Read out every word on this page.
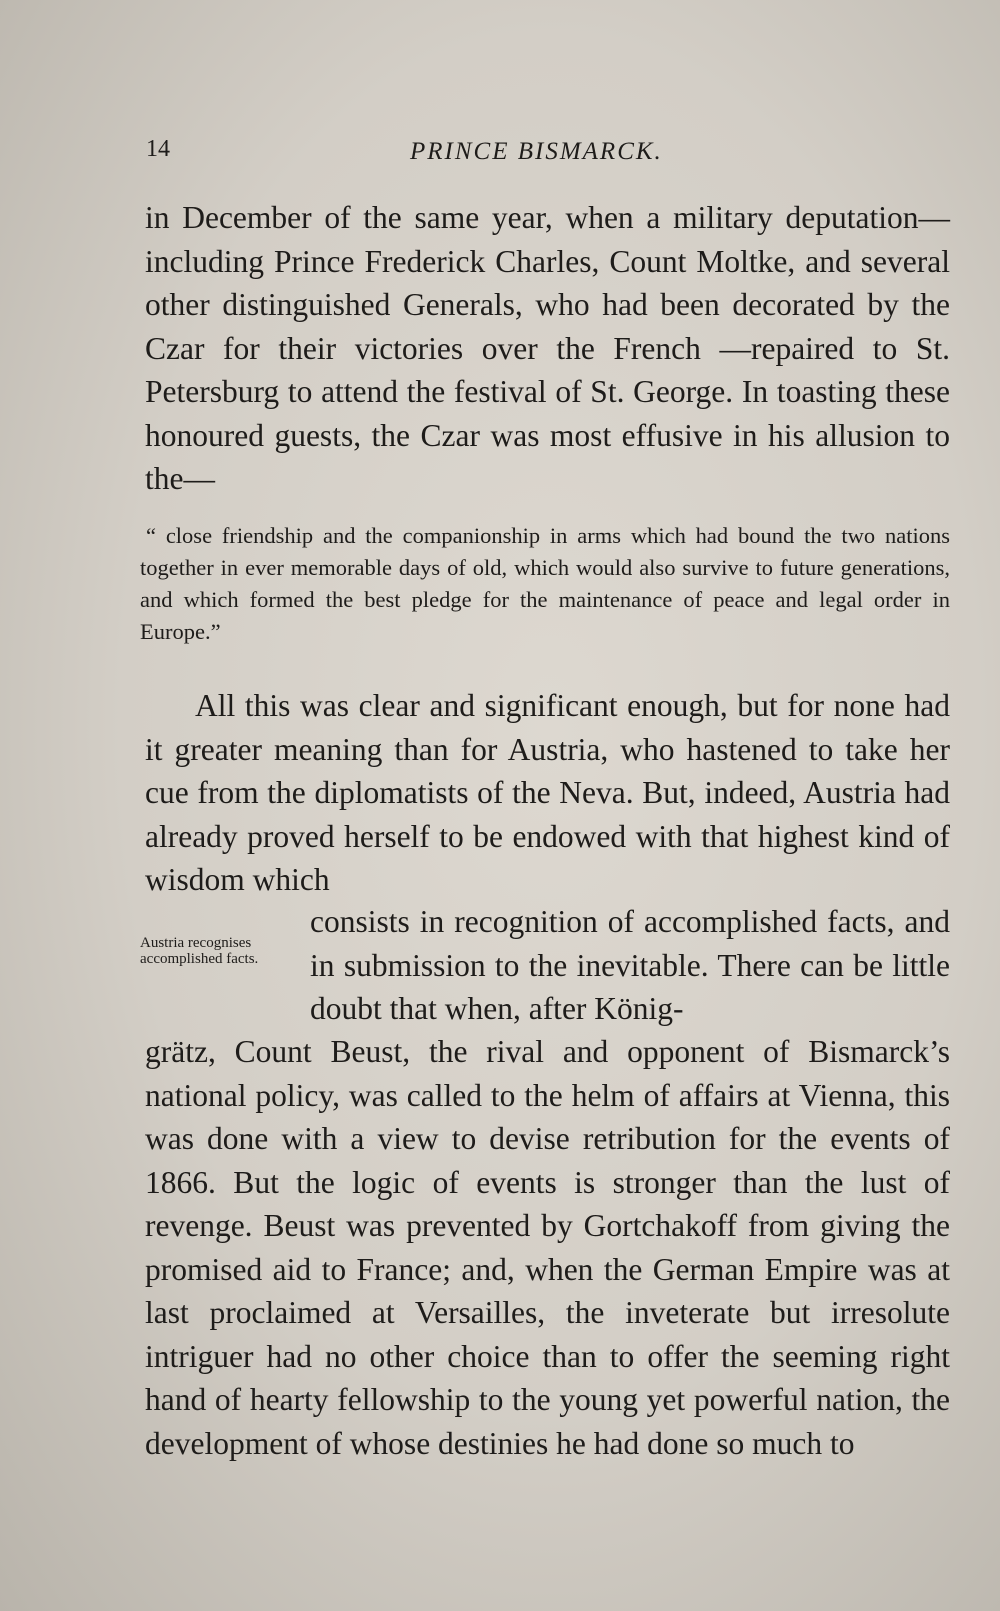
14	PRINCE BISMARCK.

in December of the same year, when a military deputation—including Prince Frederick Charles, Count Moltke, and several other distinguished Generals, who had been decorated by the Czar for their victories over the French —repaired to St. Petersburg to attend the festival of St. George. In toasting these honoured guests, the Czar was most effusive in his allusion to the—

“ close friendship and the companionship in arms which had bound the two nations together in ever memorable days of old, which would also survive to future generations, and which formed the best pledge for the maintenance of peace and legal order in Europe.”

All this was clear and significant enough, but for none had it greater meaning than for Austria, who hastened to take her cue from the diplomatists of the Neva. But, indeed, Austria had already proved herself to be endowed with that highest kind of wisdom which

Austria recognises accomplished facts.

consists in recognition of accomplished facts, and in submission to the inevitable. There can be little doubt that when, after König-

grätz, Count Beust, the rival and opponent of Bismarck’s national policy, was called to the helm of affairs at Vienna, this was done with a view to devise retribution for the events of 1866. But the logic of events is stronger than the lust of revenge. Beust was prevented by Gortchakoff from giving the promised aid to France; and, when the German Empire was at last proclaimed at Versailles, the inveterate but irresolute intriguer had no other choice than to offer the seeming right hand of hearty fellowship to the young yet powerful nation, the development of whose destinies he had done so much to
